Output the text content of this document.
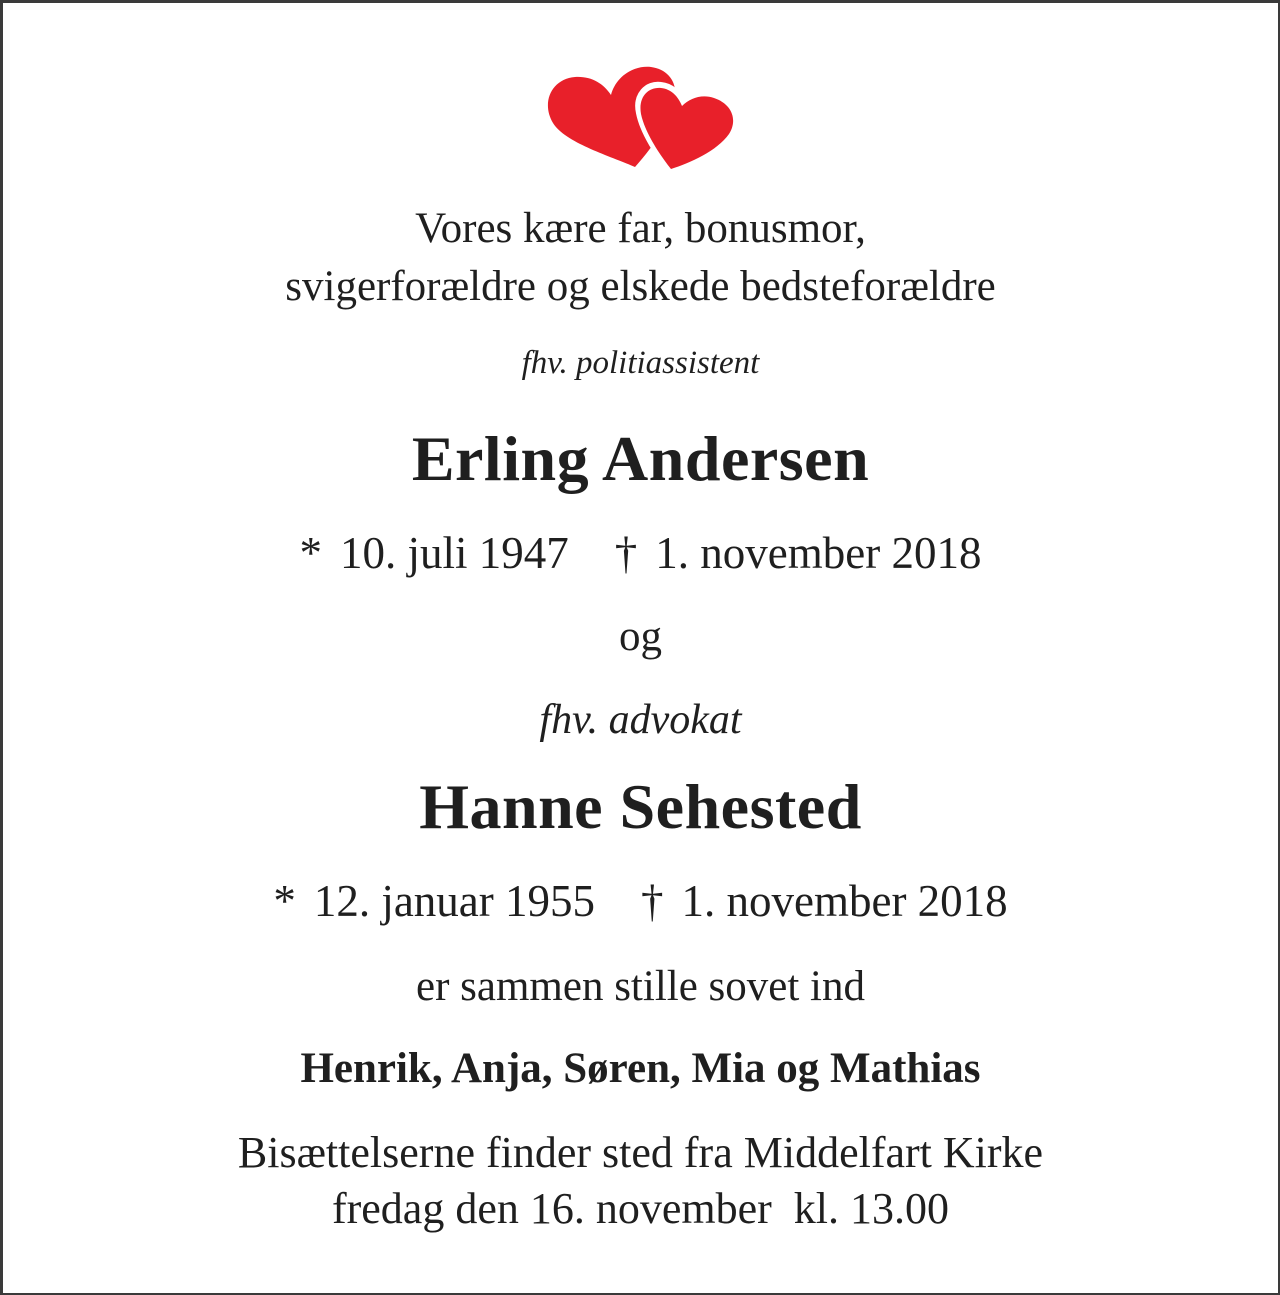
Vores kære far, bonusmor,
svigerforældre og elskede bedsteforældre
fhv. politiassistent
Erling Andersen
* 10. juli 1947 † 1. november 2018
og
fhv. advokat
Hanne Sehested
* 12. januar 1955 † 1. november 2018
er sammen stille sovet ind
Henrik, Anja, Søren, Mia og Mathias
Bisættelserne finder sted fra Middelfart Kirke
fredag den 16. november  kl. 13.00
